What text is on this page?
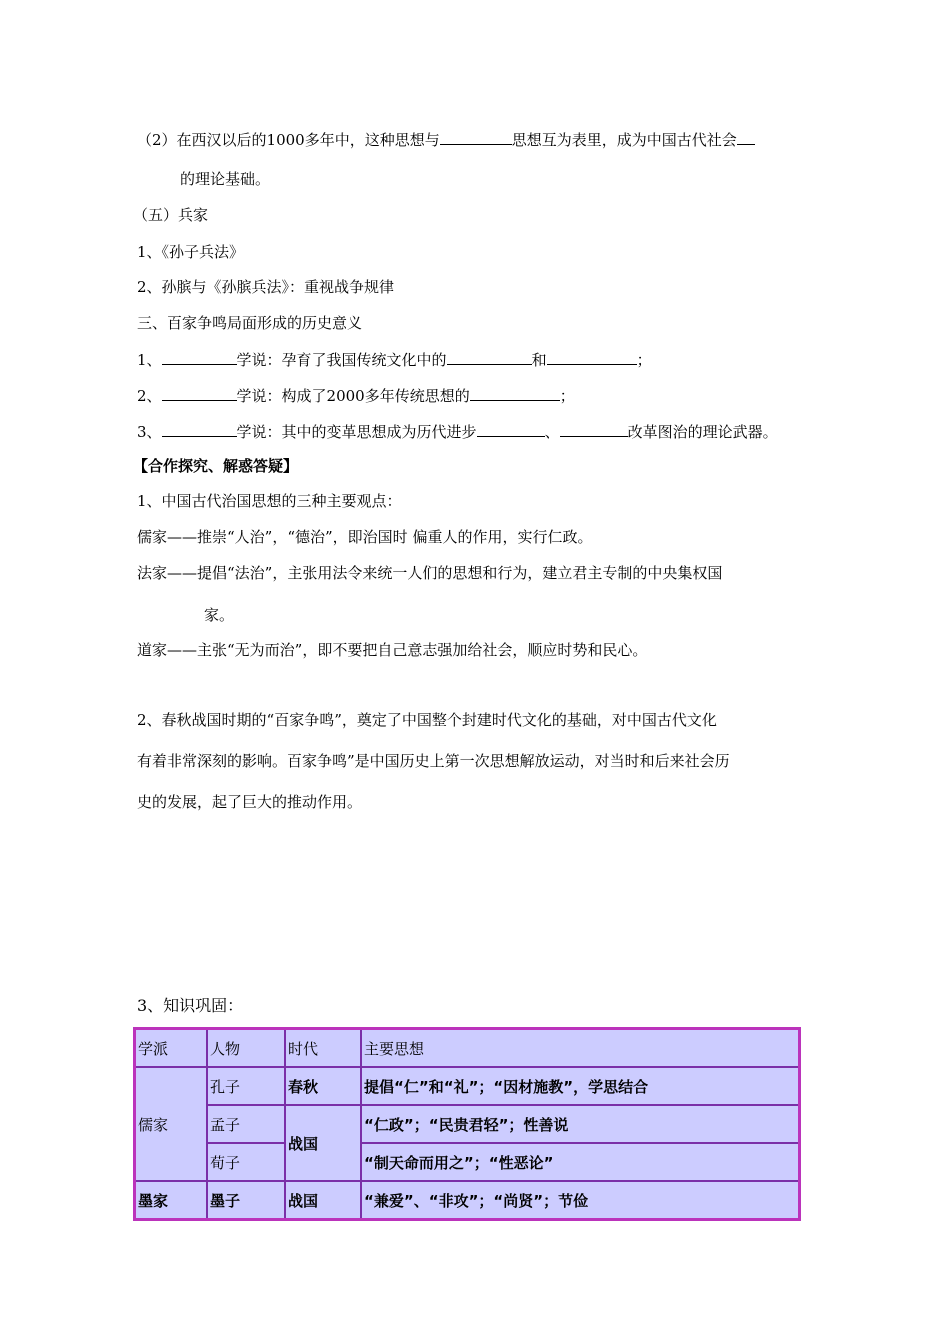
（2）在西汉以后的1000多年中，这种思想与	思想互为表里，成为中国古代社会
的理论基础。
（五）兵家
1、《孙子兵法》
2、孙膑与《孙膑兵法》：重视战争规律
三、百家争鸣局面形成的历史意义
1、	学说：孕育了我国传统文化中的	和	；
2、	学说：构成了2000多年传统思想的	；
3、	学说：其中的变革思想成为历代进步	、	改革图治的理论武器。
【合作探究、解惑答疑】
1、中国古代治国思想的三种主要观点：
儒家——推崇“人治”，“德治”，即治国时 偏重人的作用，实行仁政。
法家——提倡“法治”，主张用法令来统一人们的思想和行为，建立君主专制的中央集权国
家。
道家——主张“无为而治”，即不要把自己意志强加给社会，顺应时势和民心。
2、春秋战国时期的“百家争鸣”，奠定了中国整个封建时代文化的基础，对中国古代文化
有着非常深刻的影响。百家争鸣”是中国历史上第一次思想解放运动，对当时和后来社会历
史的发展，起了巨大的推动作用。
3、知识巩固：
学派	人物	时代	主要思想
儒家	孔子	春秋	提倡“仁”和“礼”；“因材施教”，学思结合
	孟子	战国	“仁政”；“民贵君轻”；性善说
	荀子		“制天命而用之”；“性恶论”
墨家	墨子	战国	“兼爱”、“非攻”；“尚贤”；节俭
